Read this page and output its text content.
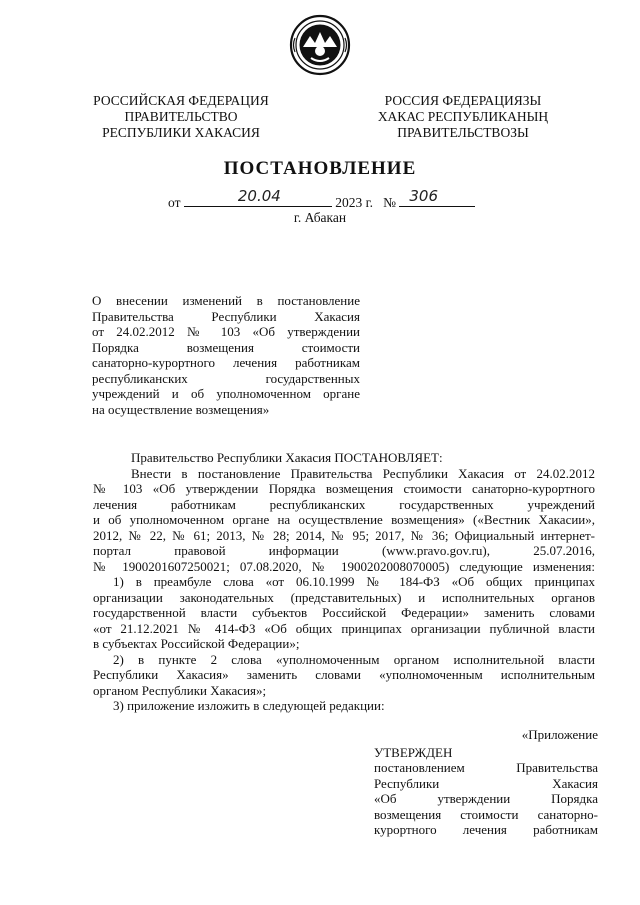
РОССИЙСКАЯ ФЕДЕРАЦИЯ
ПРАВИТЕЛЬСТВО
РЕСПУБЛИКИ ХАКАСИЯ
РОССИЯ ФЕДЕРАЦИЯЗЫ
ХАКАС РЕСПУБЛИКАНЫҢ
ПРАВИТЕЛЬСТВОЗЫ
ПОСТАНОВЛЕНИЕ
от	20.04	2023 г. № 306
г. Абакан

О внесении изменений в постановление

Правительства Республики Хакасия

от 24.02.2012 № 103 «Об утверждении

Порядка возмещения стоимости

санаторно-курортного лечения работникам

республиканских государственных

учреждений и об уполномоченном органе

на осуществление возмещения»

Правительство Республики Хакасия ПОСТАНОВЛЯЕТ:

Внести в постановление Правительства Республики Хакасия от 24.02.2012

№ 103 «Об утверждении Порядка возмещения стоимости санаторно-курортного

лечения работникам республиканских государственных учреждений

и об уполномоченном органе на осуществление возмещения» («Вестник Хакасии»,

2012, № 22, № 61; 2013, № 28; 2014, № 95; 2017, № 36; Официальный интернет-

портал правовой информации (www.pravo.gov.ru), 25.07.2016,

№ 1900201607250021; 07.08.2020, № 1900202008070005) следующие изменения:

1) в преамбуле слова «от 06.10.1999 № 184-ФЗ «Об общих принципах

организации законодательных (представительных) и исполнительных органов

государственной власти субъектов Российской Федерации» заменить словами

«от 21.12.2021 № 414-ФЗ «Об общих принципах организации публичной власти

в субъектах Российской Федерации»;

2) в пункте 2 слова «уполномоченным органом исполнительной власти

Республики Хакасия» заменить словами «уполномоченным исполнительным

органом Республики Хакасия»;

3) приложение изложить в следующей редакции:

«Приложение

УТВЕРЖДЕН

постановлением Правительства

Республики Хакасия

«Об утверждении Порядка

возмещения стоимости санаторно-

курортного лечения работникам
